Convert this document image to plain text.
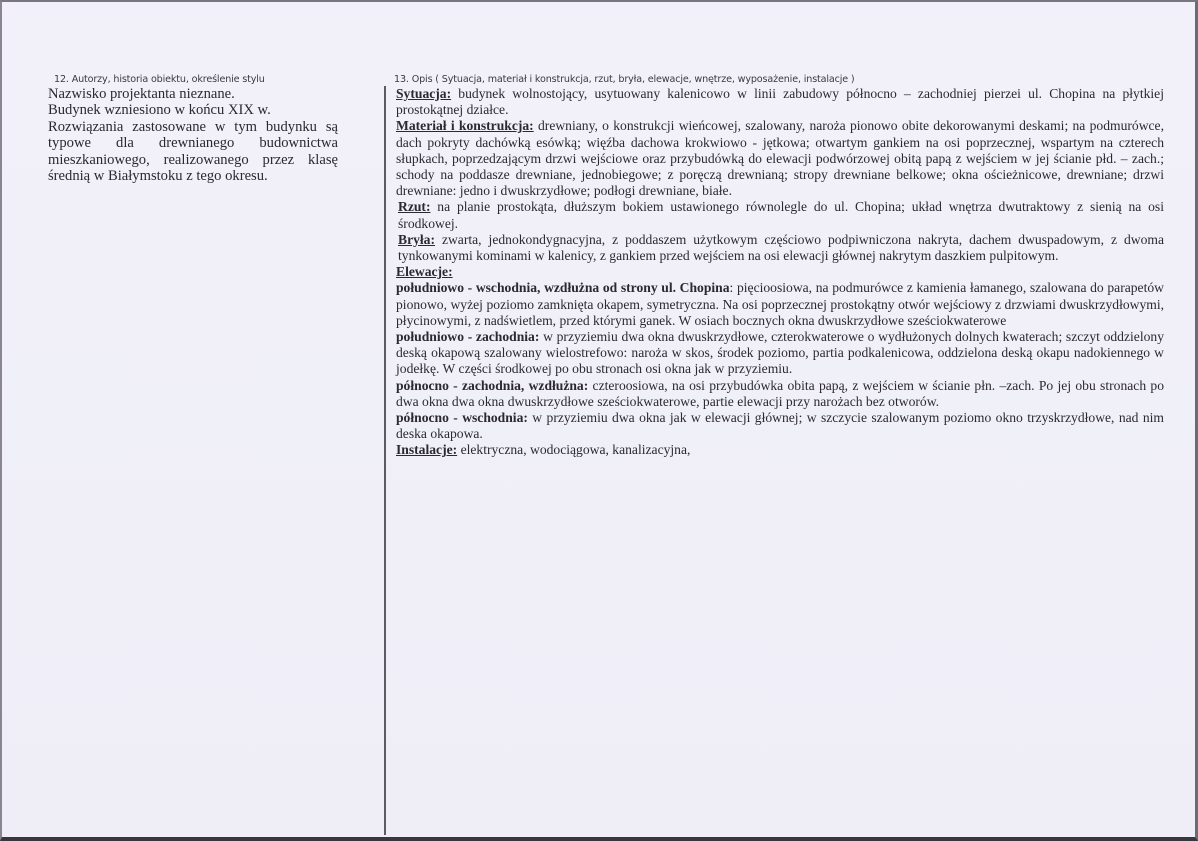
12. Autorzy, historia obiektu, określenie stylu

Nazwisko projektanta nieznane.

Budynek wzniesiono w końcu XIX w.

Rozwiązania zastosowane w tym budynku są typowe dla drewnianego budownictwa mieszkaniowego, realizowanego przez klasę średnią w Białymstoku z tego okresu.

13. Opis ( Sytuacja, materiał i konstrukcja, rzut, bryła, elewacje, wnętrze, wyposażenie, instalacje )

Sytuacja: budynek wolnostojący, usytuowany kalenicowo w linii zabudowy północno – zachodniej pierzei ul. Chopina na płytkiej prostokątnej działce.

Materiał i konstrukcja: drewniany, o konstrukcji wieńcowej, szalowany, naroża pionowo obite dekorowanymi deskami; na podmurówce, dach pokryty dachówką esówką; więźba dachowa krokwiowo - jętkowa; otwartym gankiem na osi poprzecznej, wspartym na czterech słupkach, poprzedzającym drzwi wejściowe oraz przybudówką do elewacji podwórzowej obitą papą z wejściem w jej ścianie płd. – zach.; schody na poddasze drewniane, jednobiegowe; z poręczą drewnianą; stropy drewniane belkowe; okna ościeżnicowe, drewniane; drzwi drewniane: jedno i dwuskrzydłowe; podłogi drewniane, białe.

Rzut: na planie prostokąta, dłuższym bokiem ustawionego równolegle do ul. Chopina; układ wnętrza dwutraktowy z sienią na osi środkowej.

Bryła: zwarta, jednokondygnacyjna, z poddaszem użytkowym częściowo podpiwniczona nakryta, dachem dwuspadowym, z dwoma tynkowanymi kominami w kalenicy, z gankiem przed wejściem na osi elewacji głównej nakrytym daszkiem pulpitowym.

Elewacje:

południowo - wschodnia, wzdłużna od strony ul. Chopina: pięcioosiowa, na podmurówce z kamienia łamanego, szalowana do parapetów pionowo, wyżej poziomo zamknięta okapem, symetryczna. Na osi poprzecznej prostokątny otwór wejściowy z drzwiami dwuskrzydłowymi, płycinowymi, z nadświetlem, przed którymi ganek. W osiach bocznych okna dwuskrzydłowe sześciokwaterowe

południowo - zachodnia: w przyziemiu dwa okna dwuskrzydłowe, czterokwaterowe o wydłużonych dolnych kwaterach; szczyt oddzielony deską okapową szalowany wielostrefowo: naroża w skos, środek poziomo, partia podkalenicowa, oddzielona deską okapu nadokiennego w jodełkę. W części środkowej po obu stronach osi okna jak w przyziemiu.

północno - zachodnia, wzdłużna: czteroosiowa, na osi przybudówka obita papą, z wejściem w ścianie płn. –zach. Po jej obu stronach po dwa okna dwa okna dwuskrzydłowe sześciokwaterowe, partie elewacji przy narożach bez otworów.

północno - wschodnia: w przyziemiu dwa okna jak w elewacji głównej; w szczycie szalowanym poziomo okno trzyskrzydłowe, nad nim deska okapowa.

Instalacje: elektryczna, wodociągowa, kanalizacyjna,
